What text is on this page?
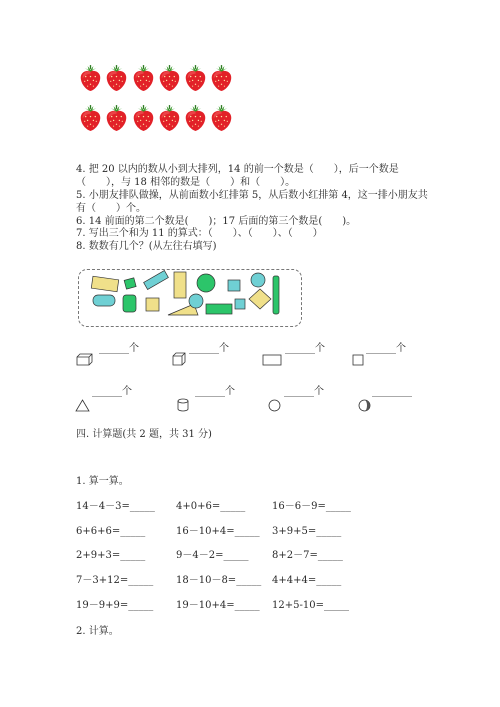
4. 把 20 以内的数从小到大排列，14 的前一个数是（　　），后一个数是
（　　），与 18 相邻的数是（　　）和（　　）。
5. 小朋友排队做操，从前面数小红排第 5，从后数小红排第 4，这一排小朋友共
有（　　）个。
6. 14 前面的第二个数是(　　)；17 后面的第三个数是(　　)。
7. 写出三个和为 11 的算式：（　　）、（　　）、（　　）
8. 数数有几个？(从左往右填写)
______个	______个	______个	______个
______个	______个	______个	________
四. 计算题(共 2 题，共 31 分)
1. 算一算。
14－4－3=_____ 4+0+6=_____	16－6－9=_____
6+6+6=_____	16－10+4=_____ 3+9+5=_____
2+9+3=_____	9－4－2=_____ 8+2－7=_____
7－3+12=_____ 18－10－8=_____ 4+4+4=_____
19－9+9=_____ 19－10+4=_____ 12+5-10=_____
2. 计算。
